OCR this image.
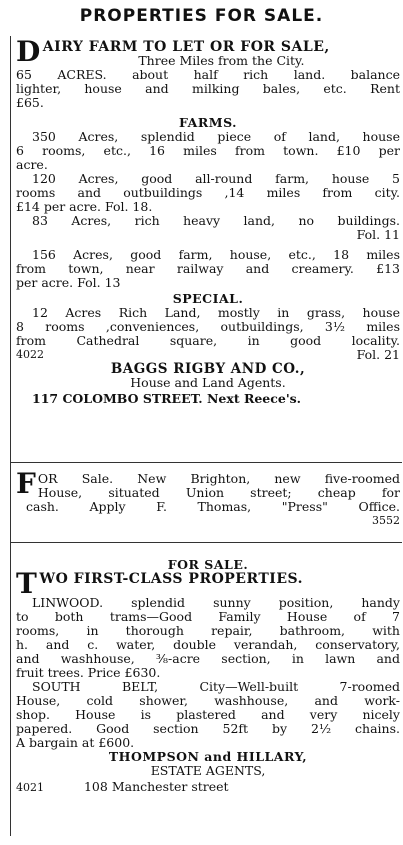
PROPERTIES FOR SALE.

DAIRY FARM TO LET OR FOR SALE,

Three Miles from the City.

65 ACRES. about half rich land. balance

lighter, house and milking bales, etc. Rent

£65.

FARMS.

350 Acres, splendid piece of land, house

6 rooms, etc., 16 miles from town. £10 per

acre.

120 Acres, good all-round farm, house 5

rooms and outbuildings ,14 miles from city.

£14 per acre. Fol. 18.

83 Acres, rich heavy land, no buildings.

Fol. 11

156 Acres, good farm, house, etc., 18 miles

from town, near railway and creamery. £13

per acre. Fol. 13

SPECIAL.

12 Acres Rich Land, mostly in grass, house

8 rooms ,conveniences, outbuildings, 3½ miles

from Cathedral square, in good locality.

4022	Fol. 21

BAGGS RIGBY AND CO.,

House and Land Agents.

117 COLOMBO STREET. Next Reece's.

FOR Sale. New Brighton, new five-roomed

House, situated Union street; cheap for

cash. Apply F. Thomas, "Press" Office.

3552

FOR SALE.

TWO FIRST-CLASS PROPERTIES.

LINWOOD. splendid sunny position, handy

to both trams—Good Family House of 7

rooms, in thorough repair, bathroom, with

h. and c. water, double verandah, conservatory,

and washhouse, ⅜-acre section, in lawn and

fruit trees. Price £630.

SOUTH BELT, City—Well-built 7-roomed

House, cold shower, washhouse, and work-

shop. House is plastered and very nicely

papered. Good section 52ft by 2½ chains.

A bargain at £600.

THOMPSON and HILLARY,

ESTATE AGENTS,

4021	108 Manchester street
